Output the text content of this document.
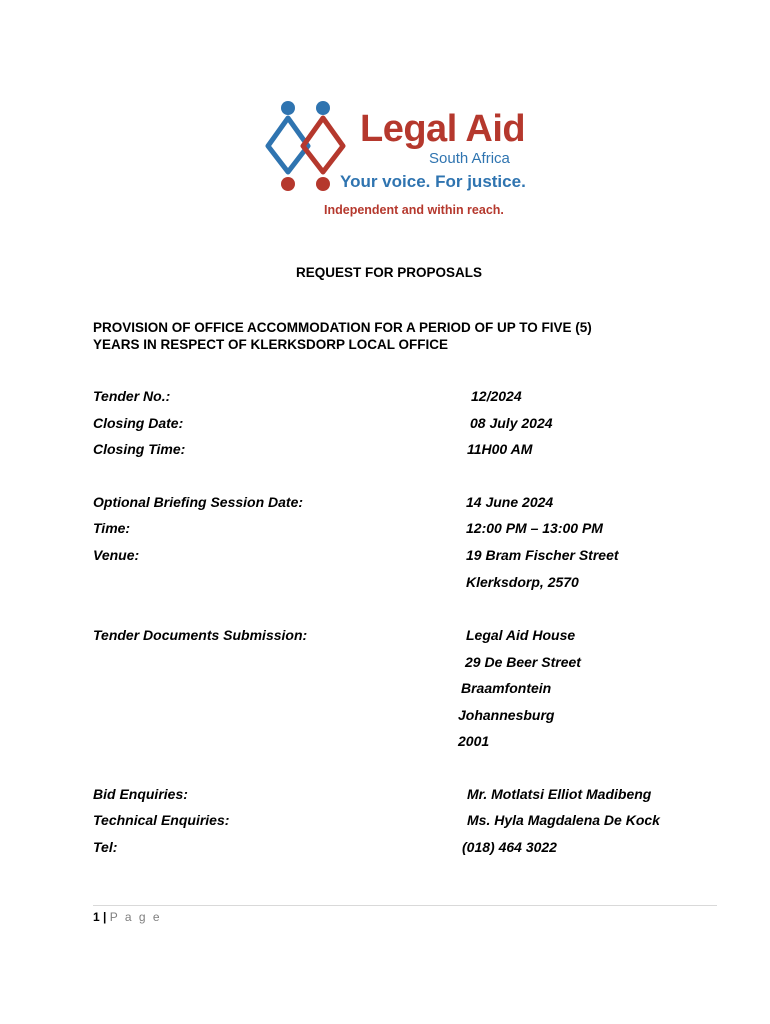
Legal Aid
South Africa
Your voice. For justice.
Independent and within reach.
REQUEST FOR PROPOSALS
PROVISION OF OFFICE ACCOMMODATION FOR A PERIOD OF UP TO FIVE (5)
YEARS IN RESPECT OF KLERKSDORP LOCAL OFFICE
Tender No.:	12/2024
Closing Date:	08 July 2024
Closing Time:	11H00 AM
Optional Briefing Session Date:	14 June 2024
Time:	12:00 PM – 13:00 PM
Venue:	19 Bram Fischer Street
Klerksdorp, 2570
Tender Documents Submission:	Legal Aid House
29 De Beer Street
Braamfontein
Johannesburg
2001
Bid Enquiries:	Mr. Motlatsi Elliot Madibeng
Technical Enquiries:	Ms. Hyla Magdalena De Kock
Tel:	(018) 464 3022
1 | P a g e
